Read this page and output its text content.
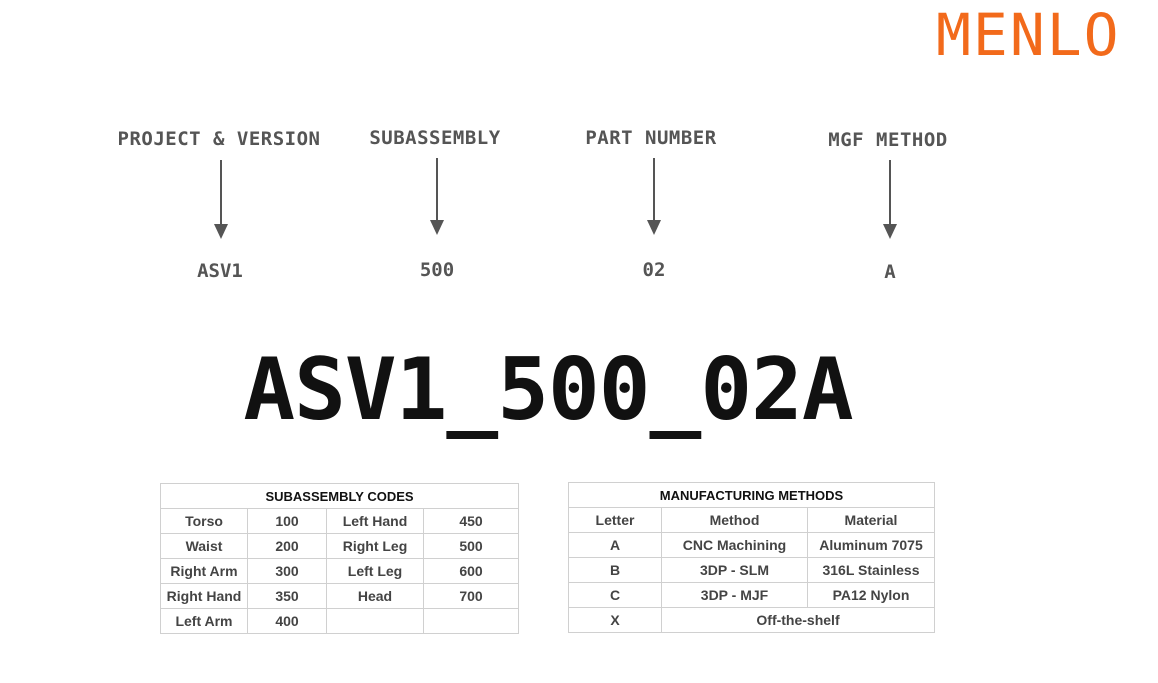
MENLO
PROJECT & VERSION
ASV1
SUBASSEMBLY
500
PART NUMBER
02
MGF METHOD
A
ASV1_500_02A
SUBASSEMBLY CODES			
Torso	100	Left Hand	450
Waist	200	Right Leg	500
Right Arm	300	Left Leg	600
Right Hand	350	Head	700
Left Arm	400		
MANUFACTURING METHODS		
Letter	Method	Material
A	CNC Machining	Aluminum 7075
B	3DP - SLM	316L Stainless
C	3DP - MJF	PA12 Nylon
X	Off-the-shelf	
